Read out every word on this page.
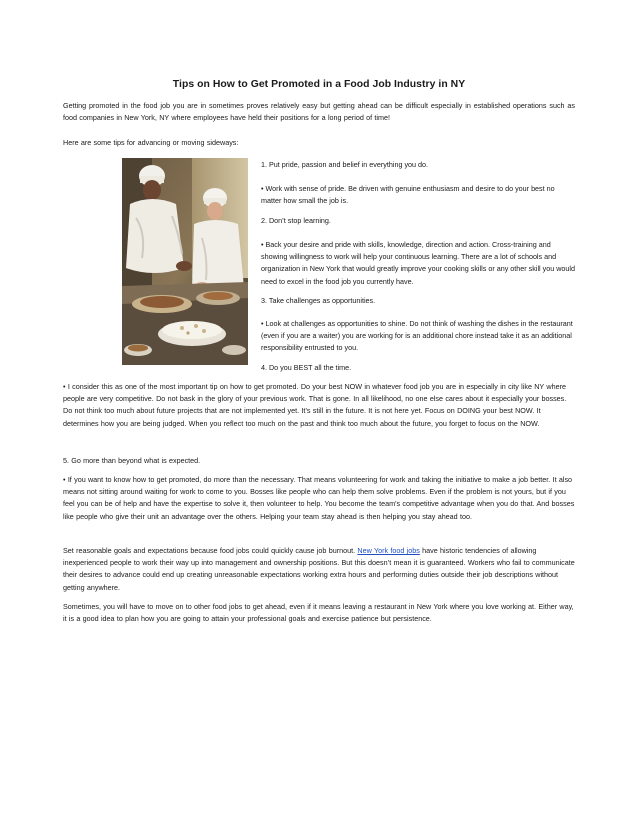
Tips on How to Get Promoted in a Food Job Industry in NY

Getting promoted in the food job you are in sometimes proves relatively easy but getting ahead can be difficult especially in established operations such as food companies in New York, NY where employees have held their positions for a long period of time!

Here are some tips for advancing or moving sideways:

1. Put pride, passion and belief in everything you do.

• Work with sense of pride. Be driven with genuine enthusiasm and desire to do your best no matter how small the job is.

2. Don’t stop learning.

• Back your desire and pride with skills, knowledge, direction and action. Cross-training and showing willingness to work will help your continuous learning. There are a lot of schools and organization in New York that would greatly improve your cooking skills or any other skill you would need to excel in the food job you currently have.

3. Take challenges as opportunities.

• Look at challenges as opportunities to shine. Do not think of washing the dishes in the restaurant (even if you are a waiter) you are working for is an additional chore instead take it as an additional responsibility entrusted to you.

4. Do you BEST all the time.

• I consider this as one of the most important tip on how to get promoted. Do your best NOW in whatever food job you are in especially in city like NY where people are very competitive. Do not bask in the glory of your previous work. That is gone. In all likelihood, no one else cares about it especially your bosses. Do not think too much about future projects that are not implemented yet. It’s still in the future. It is not here yet. Focus on DOING your best NOW. It determines how you are being judged. When you reflect too much on the past and think too much about the future, you forget to focus on the NOW.

5. Go more than beyond what is expected.

• If you want to know how to get promoted, do more than the necessary. That means volunteering for work and taking the initiative to make a job better. It also means not sitting around waiting for work to come to you. Bosses like people who can help them solve problems. Even if the problem is not yours, but if you feel you can be of help and have the expertise to solve it, then volunteer to help. You become the team’s competitive advantage when you do that. And bosses like people who give their unit an advantage over the others. Helping your team stay ahead is then helping you stay ahead too.

Set reasonable goals and expectations because food jobs could quickly cause job burnout. New York food jobs have historic tendencies of allowing inexperienced people to work their way up into management and ownership positions. But this doesn’t mean it is guaranteed. Workers who fail to communicate their desires to advance could end up creating unreasonable expectations working extra hours and performing duties outside their job descriptions without getting anywhere.

Sometimes, you will have to move on to other food jobs to get ahead, even if it means leaving a restaurant in New York where you love working at. Either way, it is a good idea to plan how you are going to attain your professional goals and exercise patience but persistence.
